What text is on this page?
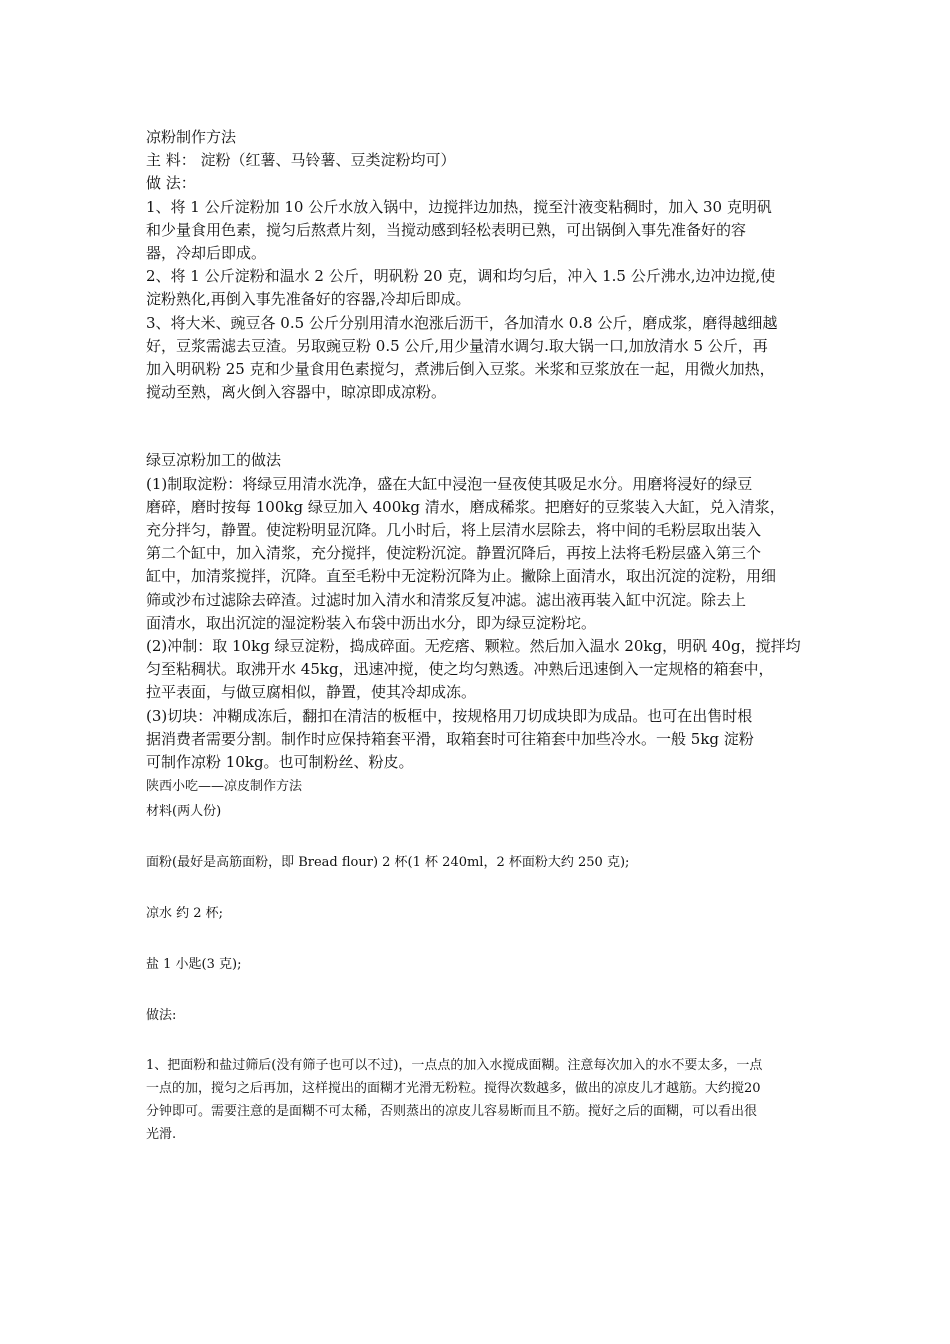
凉粉制作方法

主 料： 淀粉（红薯、马铃薯、豆类淀粉均可）

做 法：

1、将 1 公斤淀粉加 10 公斤水放入锅中，边搅拌边加热，搅至汁液变粘稠时，加入 30 克明矾

和少量食用色素，搅匀后熬煮片刻，当搅动感到轻松表明已熟，可出锅倒入事先准备好的容

器，冷却后即成。

2、将 1 公斤淀粉和温水 2 公斤，明矾粉 20 克，调和均匀后，冲入 1.5 公斤沸水,边冲边搅,使

淀粉熟化,再倒入事先准备好的容器,冷却后即成。

3、将大米、豌豆各 0.5 公斤分别用清水泡涨后沥干，各加清水 0.8 公斤，磨成浆，磨得越细越

好，豆浆需滤去豆渣。另取豌豆粉 0.5 公斤,用少量清水调匀.取大锅一口,加放清水 5 公斤，再

加入明矾粉 25 克和少量食用色素搅匀，煮沸后倒入豆浆。米浆和豆浆放在一起，用微火加热，

搅动至熟，离火倒入容器中，晾凉即成凉粉。

绿豆凉粉加工的做法

(1)制取淀粉：将绿豆用清水洗净，盛在大缸中浸泡一昼夜使其吸足水分。用磨将浸好的绿豆

磨碎，磨时按每 100kg 绿豆加入 400kg 清水，磨成稀浆。把磨好的豆浆装入大缸，兑入清浆，

充分拌匀，静置。使淀粉明显沉降。几小时后，将上层清水层除去，将中间的毛粉层取出装入

第二个缸中，加入清浆，充分搅拌，使淀粉沉淀。静置沉降后，再按上法将毛粉层盛入第三个

缸中，加清浆搅拌，沉降。直至毛粉中无淀粉沉降为止。撇除上面清水，取出沉淀的淀粉，用细

筛或沙布过滤除去碎渣。过滤时加入清水和清浆反复冲滤。滤出液再装入缸中沉淀。除去上

面清水，取出沉淀的湿淀粉装入布袋中沥出水分，即为绿豆淀粉坨。

(2)冲制：取 10kg 绿豆淀粉，捣成碎面。无疙瘩、颗粒。然后加入温水 20kg，明矾 40g，搅拌均

匀至粘稠状。取沸开水 45kg，迅速冲搅，使之均匀熟透。冲熟后迅速倒入一定规格的箱套中，

拉平表面，与做豆腐相似，静置，使其冷却成冻。

(3)切块：冲糊成冻后，翻扣在清洁的板框中，按规格用刀切成块即为成品。也可在出售时根

据消费者需要分割。制作时应保持箱套平滑，取箱套时可往箱套中加些冷水。一般 5kg 淀粉

可制作凉粉 10kg。也可制粉丝、粉皮。

陕西小吃——凉皮制作方法

材料(两人份)

面粉(最好是高筋面粉，即 Bread flour) 2 杯(1 杯 240ml，2 杯面粉大约 250 克);

凉水 约 2 杯;

盐 1 小匙(3 克);

做法:

1、把面粉和盐过筛后(没有筛子也可以不过)，一点点的加入水搅成面糊。注意每次加入的水不要太多，一点

一点的加，搅匀之后再加，这样搅出的面糊才光滑无粉粒。搅得次数越多，做出的凉皮儿才越筋。大约搅20

分钟即可。需要注意的是面糊不可太稀，否则蒸出的凉皮儿容易断而且不筋。搅好之后的面糊，可以看出很

光滑.
